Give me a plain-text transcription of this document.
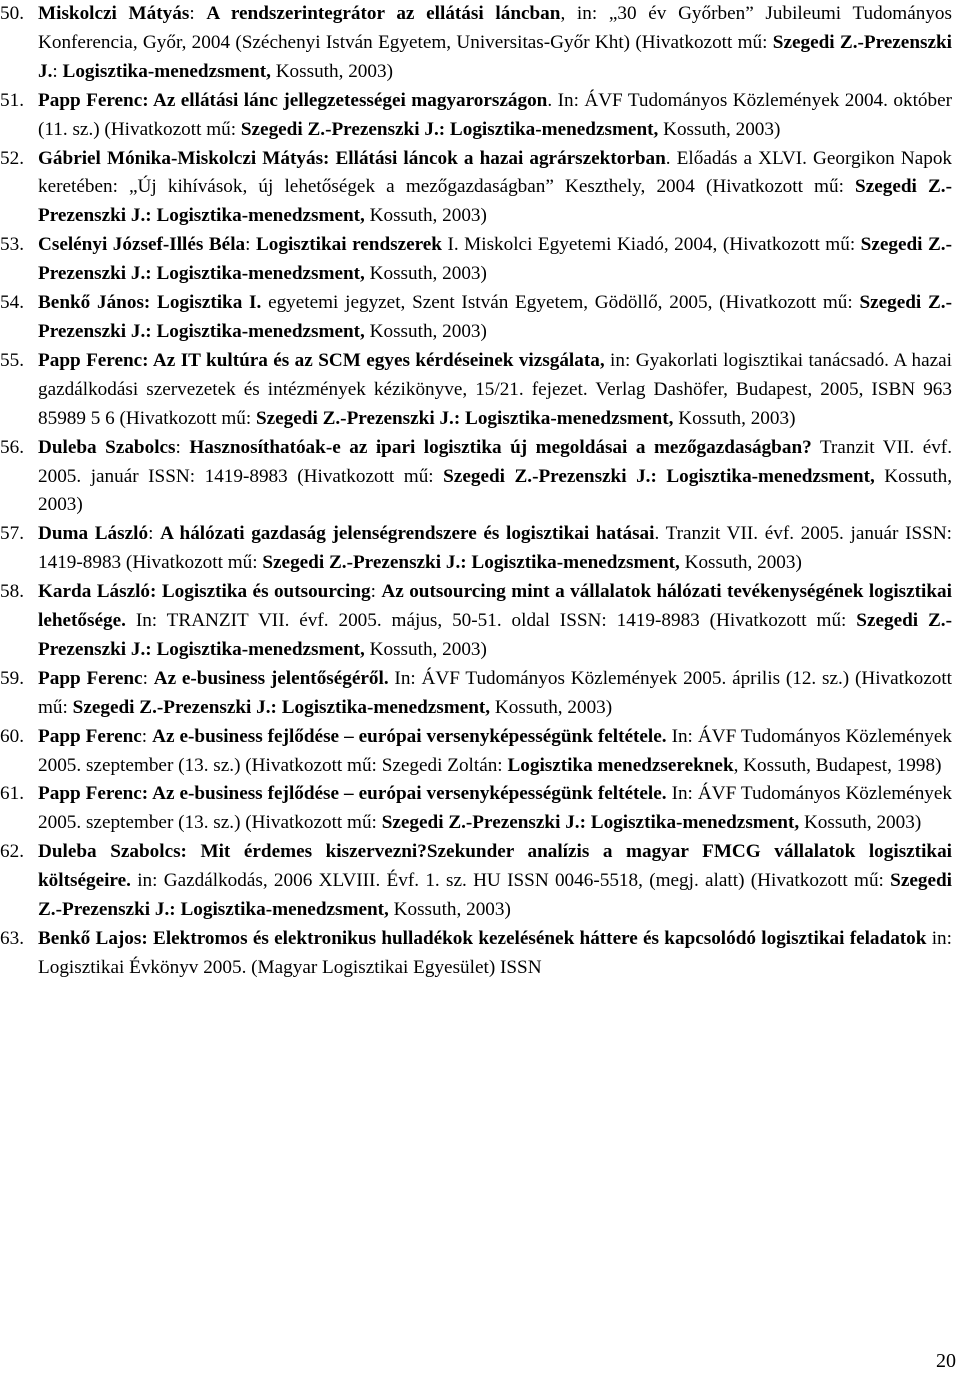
50. Miskolczi Mátyás: A rendszerintegrátor az ellátási láncban, in: „30 év Győrben” Jubileumi Tudományos Konferencia, Győr, 2004 (Széchenyi István Egyetem, Universitas-Győr Kht) (Hivatkozott mű: Szegedi Z.-Prezenszki J.: Logisztika-menedzsment, Kossuth, 2003)
51. Papp Ferenc: Az ellátási lánc jellegzetességei magyarországon. In: ÁVF Tudományos Közlemények 2004. október (11. sz.) (Hivatkozott mű: Szegedi Z.-Prezenszki J.: Logisztika-menedzsment, Kossuth, 2003)
52. Gábriel Mónika-Miskolczi Mátyás: Ellátási láncok a hazai agrárszektorban. Előadás a XLVI. Georgikon Napok keretében: „Új kihívások, új lehetőségek a mezőgazdaságban” Keszthely, 2004 (Hivatkozott mű: Szegedi Z.-Prezenszki J.: Logisztika-menedzsment, Kossuth, 2003)
53. Cselényi József-Illés Béla: Logisztikai rendszerek I. Miskolci Egyetemi Kiadó, 2004, (Hivatkozott mű: Szegedi Z.-Prezenszki J.: Logisztika-menedzsment, Kossuth, 2003)
54. Benkő János: Logisztika I. egyetemi jegyzet, Szent István Egyetem, Gödöllő, 2005, (Hivatkozott mű: Szegedi Z.-Prezenszki J.: Logisztika-menedzsment, Kossuth, 2003)
55. Papp Ferenc: Az IT kultúra és az SCM egyes kérdéseinek vizsgálata, in: Gyakorlati logisztikai tanácsadó. A hazai gazdálkodási szervezetek és intézmények kézikönyve, 15/21. fejezet. Verlag Dashöfer, Budapest, 2005, ISBN 963 85989 5 6 (Hivatkozott mű: Szegedi Z.-Prezenszki J.: Logisztika-menedzsment, Kossuth, 2003)
56. Duleba Szabolcs: Hasznosíthatóak-e az ipari logisztika új megoldásai a mezőgazdaságban? Tranzit VII. évf. 2005. január ISSN: 1419-8983 (Hivatkozott mű: Szegedi Z.-Prezenszki J.: Logisztika-menedzsment, Kossuth, 2003)
57. Duma László: A hálózati gazdaság jelenségrendszere és logisztikai hatásai. Tranzit VII. évf. 2005. január ISSN: 1419-8983 (Hivatkozott mű: Szegedi Z.-Prezenszki J.: Logisztika-menedzsment, Kossuth, 2003)
58. Karda László: Logisztika és outsourcing: Az outsourcing mint a vállalatok hálózati tevékenységének logisztikai lehetősége. In: TRANZIT VII. évf. 2005. május, 50-51. oldal ISSN: 1419-8983 (Hivatkozott mű: Szegedi Z.-Prezenszki J.: Logisztika-menedzsment, Kossuth, 2003)
59. Papp Ferenc: Az e-business jelentőségéről. In: ÁVF Tudományos Közlemények 2005. április (12. sz.) (Hivatkozott mű: Szegedi Z.-Prezenszki J.: Logisztika-menedzsment, Kossuth, 2003)
60. Papp Ferenc: Az e-business fejlődése – európai versenyképességünk feltétele. In: ÁVF Tudományos Közlemények 2005. szeptember (13. sz.) (Hivatkozott mű: Szegedi Zoltán: Logisztika menedzsereknek, Kossuth, Budapest, 1998)
61. Papp Ferenc: Az e-business fejlődése – európai versenyképességünk feltétele. In: ÁVF Tudományos Közlemények 2005. szeptember (13. sz.) (Hivatkozott mű: Szegedi Z.-Prezenszki J.: Logisztika-menedzsment, Kossuth, 2003)
62. Duleba Szabolcs: Mit érdemes kiszervezni?Szekunder analízis a magyar FMCG vállalatok logisztikai költségeire. in: Gazdálkodás, 2006 XLVIII. Évf. 1. sz. HU ISSN 0046-5518, (megj. alatt) (Hivatkozott mű: Szegedi Z.-Prezenszki J.: Logisztika-menedzsment, Kossuth, 2003)
63. Benkő Lajos: Elektromos és elektronikus hulladékok kezelésének háttere és kapcsolódó logisztikai feladatok in: Logisztikai Évkönyv 2005. (Magyar Logisztikai Egyesület) ISSN
20
